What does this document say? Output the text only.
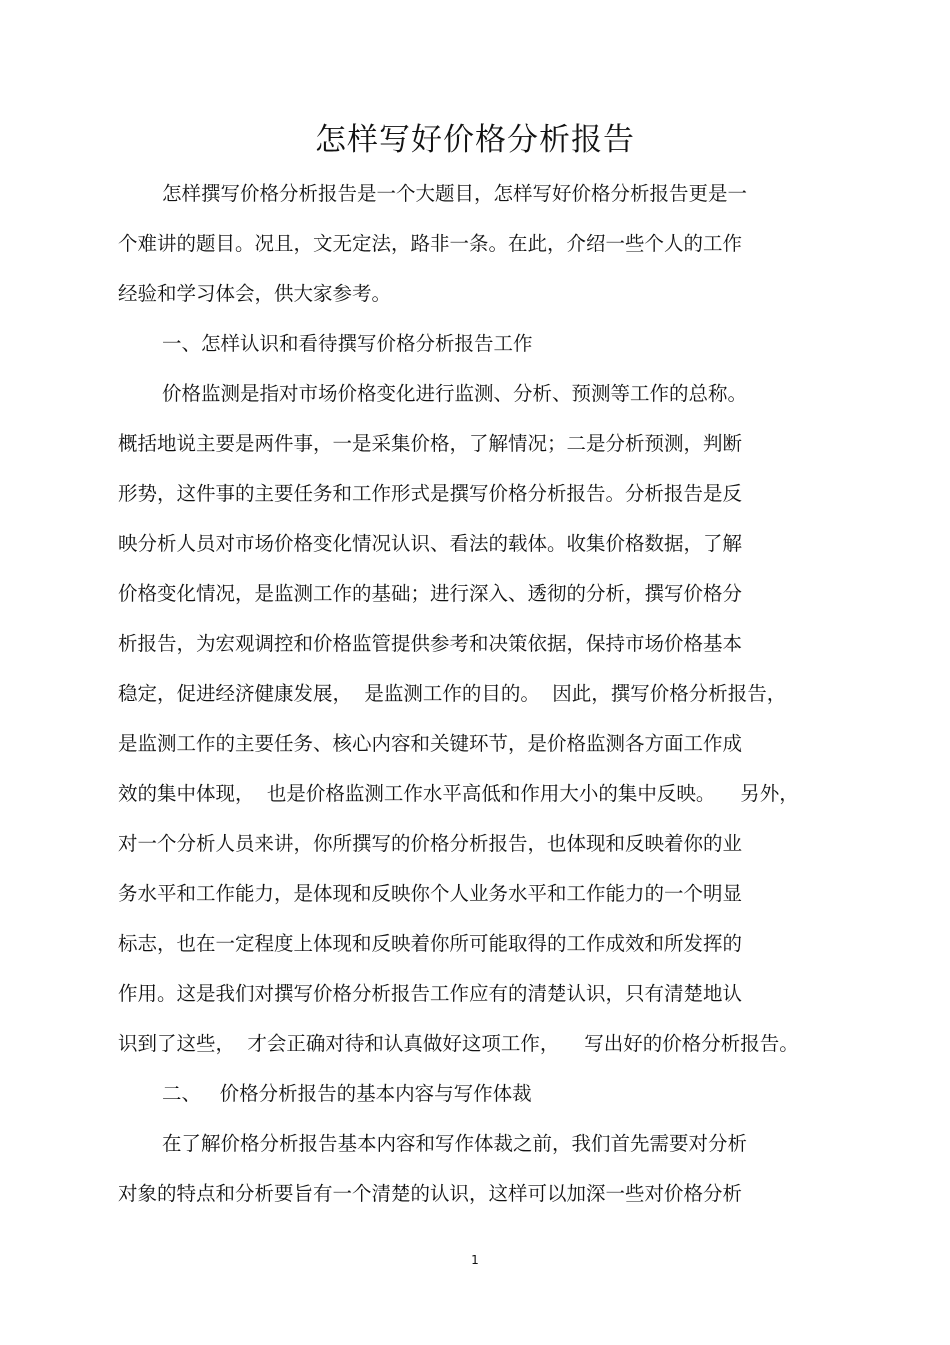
怎样写好价格分析报告
怎样撰写价格分析报告是一个大题目，怎样写好价格分析报告更是一
个难讲的题目。况且，文无定法，路非一条。在此，介绍一些个人的工作
经验和学习体会，供大家参考。
一、怎样认识和看待撰写价格分析报告工作
价格监测是指对市场价格变化进行监测、分析、预测等工作的总称。
概括地说主要是两件事，一是采集价格，了解情况；二是分析预测，判断
形势，这件事的主要任务和工作形式是撰写价格分析报告。分析报告是反
映分析人员对市场价格变化情况认识、看法的载体。收集价格数据，了解
价格变化情况，是监测工作的基础；进行深入、透彻的分析，撰写价格分
析报告，为宏观调控和价格监管提供参考和决策依据，保持市场价格基本
稳定，促进经济健康发展，  是监测工作的目的。  因此，撰写价格分析报告，
是监测工作的主要任务、核心内容和关键环节，是价格监测各方面工作成
效的集中体现，  也是价格监测工作水平高低和作用大小的集中反映。    另外，
对一个分析人员来讲，你所撰写的价格分析报告，也体现和反映着你的业
务水平和工作能力，是体现和反映你个人业务水平和工作能力的一个明显
标志，也在一定程度上体现和反映着你所可能取得的工作成效和所发挥的
作用。这是我们对撰写价格分析报告工作应有的清楚认识，只有清楚地认
识到了这些，  才会正确对待和认真做好这项工作，    写出好的价格分析报告。
二、   价格分析报告的基本内容与写作体裁
在了解价格分析报告基本内容和写作体裁之前，我们首先需要对分析
对象的特点和分析要旨有一个清楚的认识，这样可以加深一些对价格分析
1
